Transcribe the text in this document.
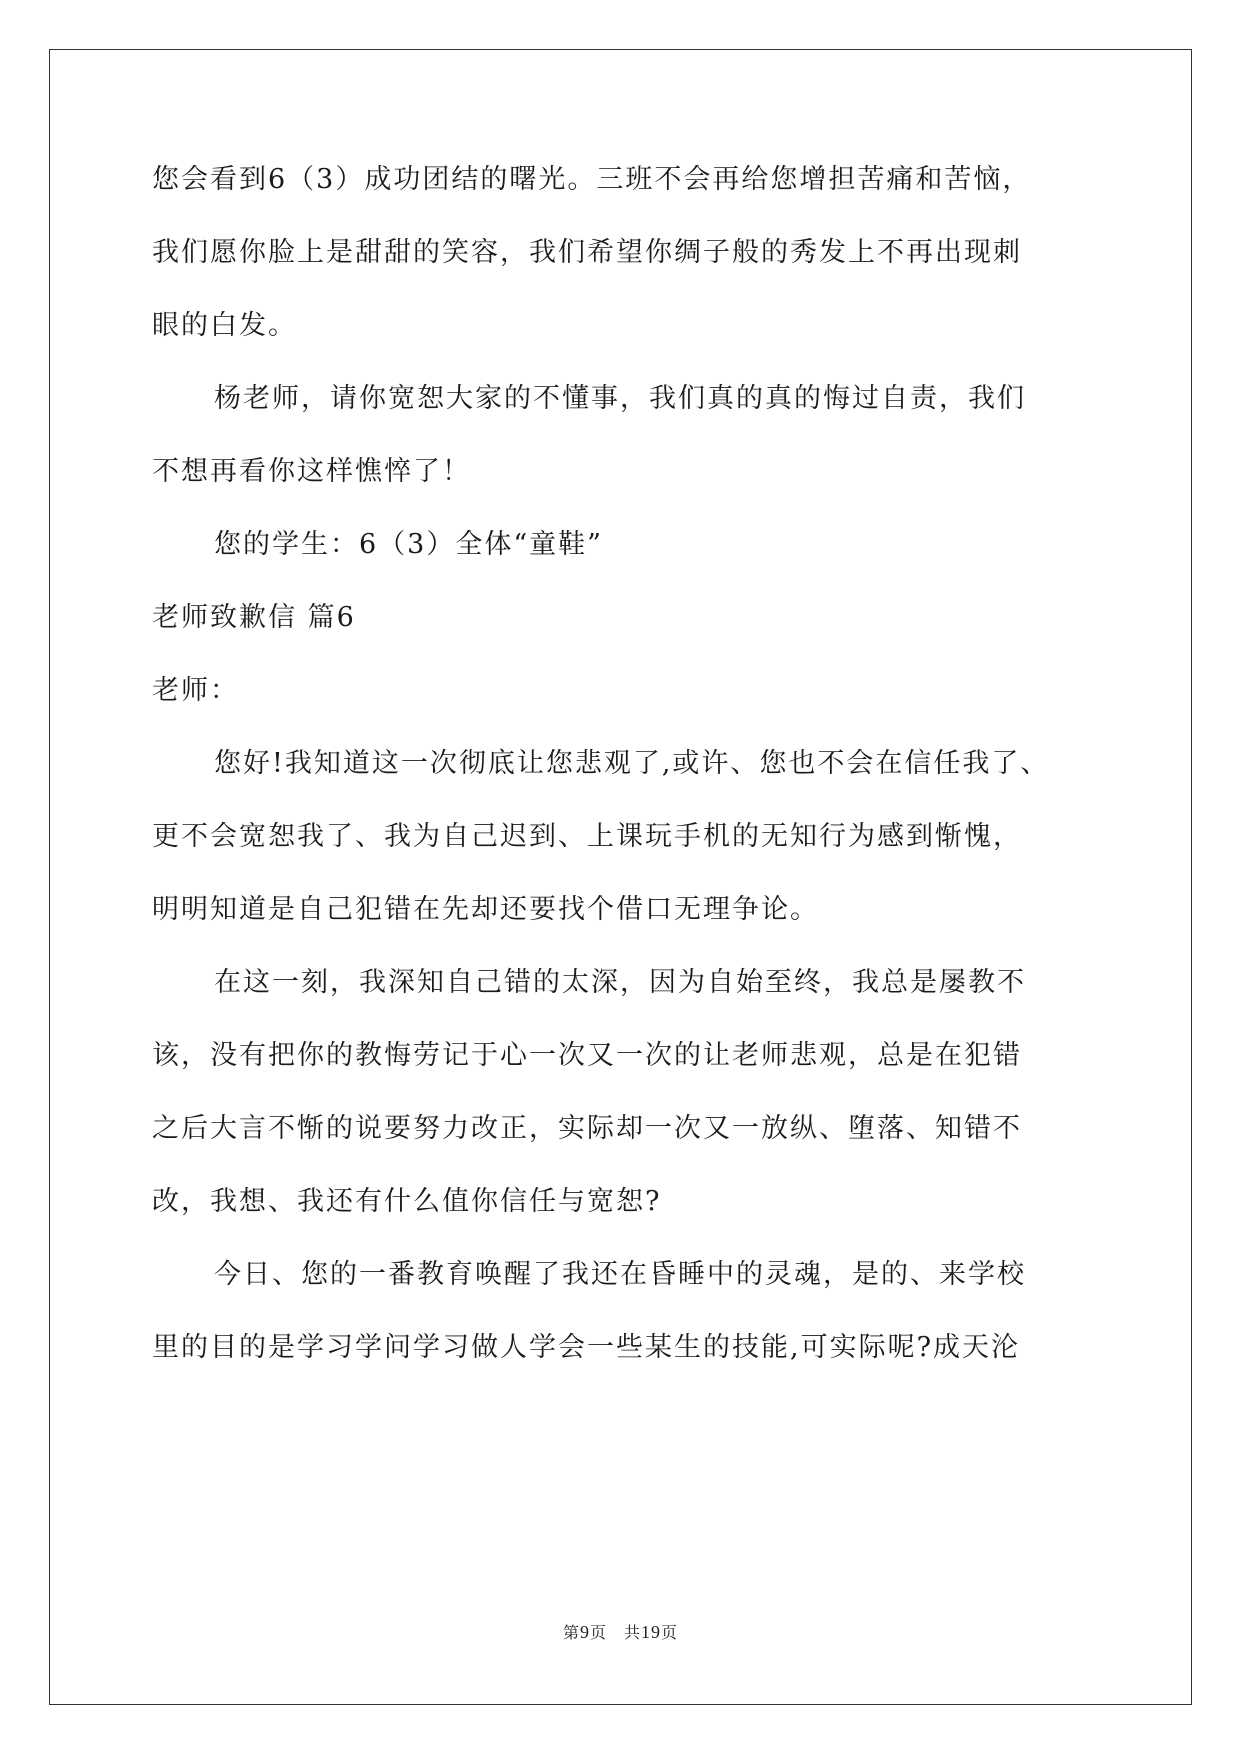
您会看到6（3）成功团结的曙光。三班不会再给您增担苦痛和苦恼，
我们愿你脸上是甜甜的笑容，我们希望你绸子般的秀发上不再出现刺
眼的白发。
杨老师，请你宽恕大家的不懂事，我们真的真的悔过自责，我们
不想再看你这样憔悴了！
您的学生：6（3）全体“童鞋”
老师致歉信 篇6
老师：
您好!我知道这一次彻底让您悲观了,或许、您也不会在信任我了、
更不会宽恕我了、我为自己迟到、上课玩手机的无知行为感到惭愧，
明明知道是自己犯错在先却还要找个借口无理争论。
在这一刻，我深知自己错的太深，因为自始至终，我总是屡教不
该，没有把你的教悔劳记于心一次又一次的让老师悲观，总是在犯错
之后大言不惭的说要努力改正，实际却一次又一放纵、堕落、知错不
改，我想、我还有什么值你信任与宽恕?
今日、您的一番教育唤醒了我还在昏睡中的灵魂，是的、来学校
里的目的是学习学问学习做人学会一些某生的技能,可实际呢?成天沦
第9页　共19页
